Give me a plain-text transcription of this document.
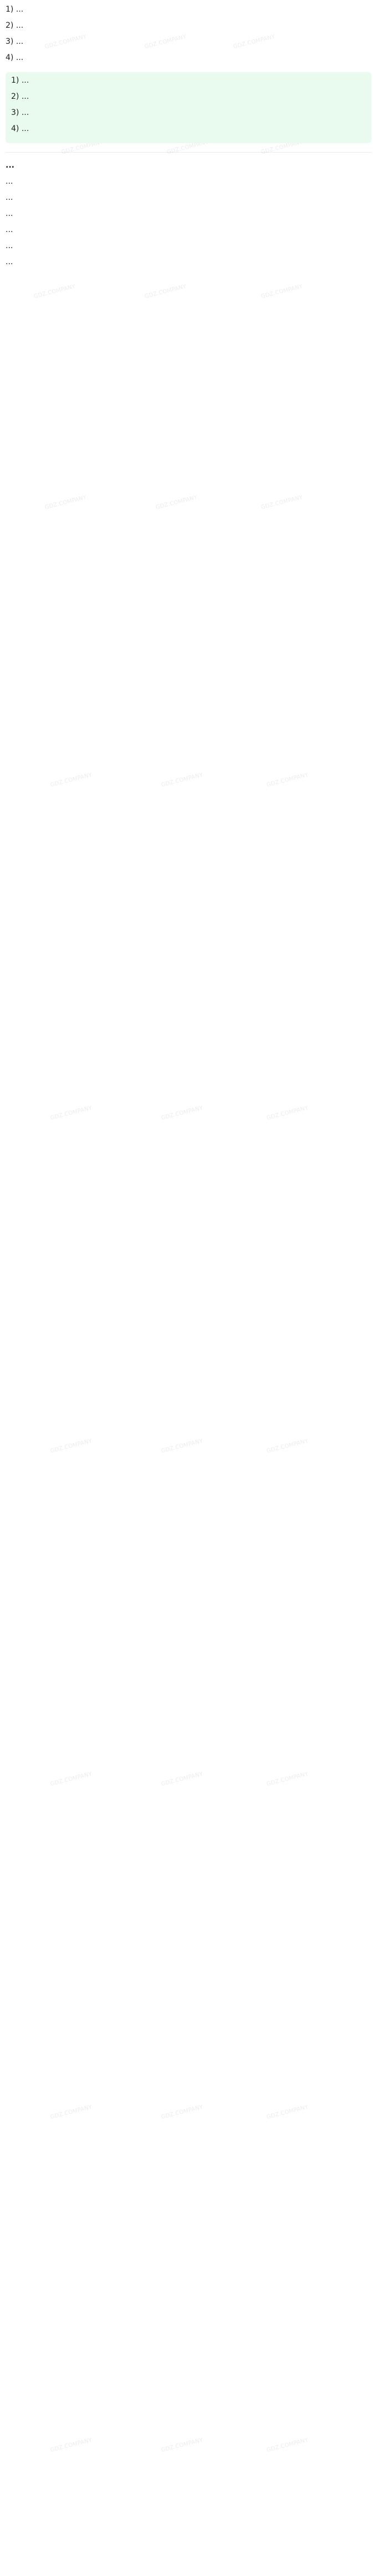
GDZ.COMPANY	GDZ.COMPANY	GDZ.COMPANY
GDZ.COMPANY	GDZ.COMPANY	GDZ.COMPANY
GDZ.COMPANY	GDZ.COMPANY	GDZ.COMPANY
GDZ.COMPANY	GDZ.COMPANY	GDZ.COMPANY
GDZ.COMPANY	GDZ.COMPANY	GDZ.COMPANY
GDZ.COMPANY	GDZ.COMPANY	GDZ.COMPANY
GDZ.COMPANY	GDZ.COMPANY	GDZ.COMPANY
GDZ.COMPANY	GDZ.COMPANY	GDZ.COMPANY
GDZ.COMPANY	GDZ.COMPANY	GDZ.COMPANY
GDZ.COMPANY	GDZ.COMPANY	GDZ.COMPANY

1) ...

2) ...

3) ...

4) ...

1) ...

2) ...

3) ...

4) ...

...

...

...

...

...

...

...
